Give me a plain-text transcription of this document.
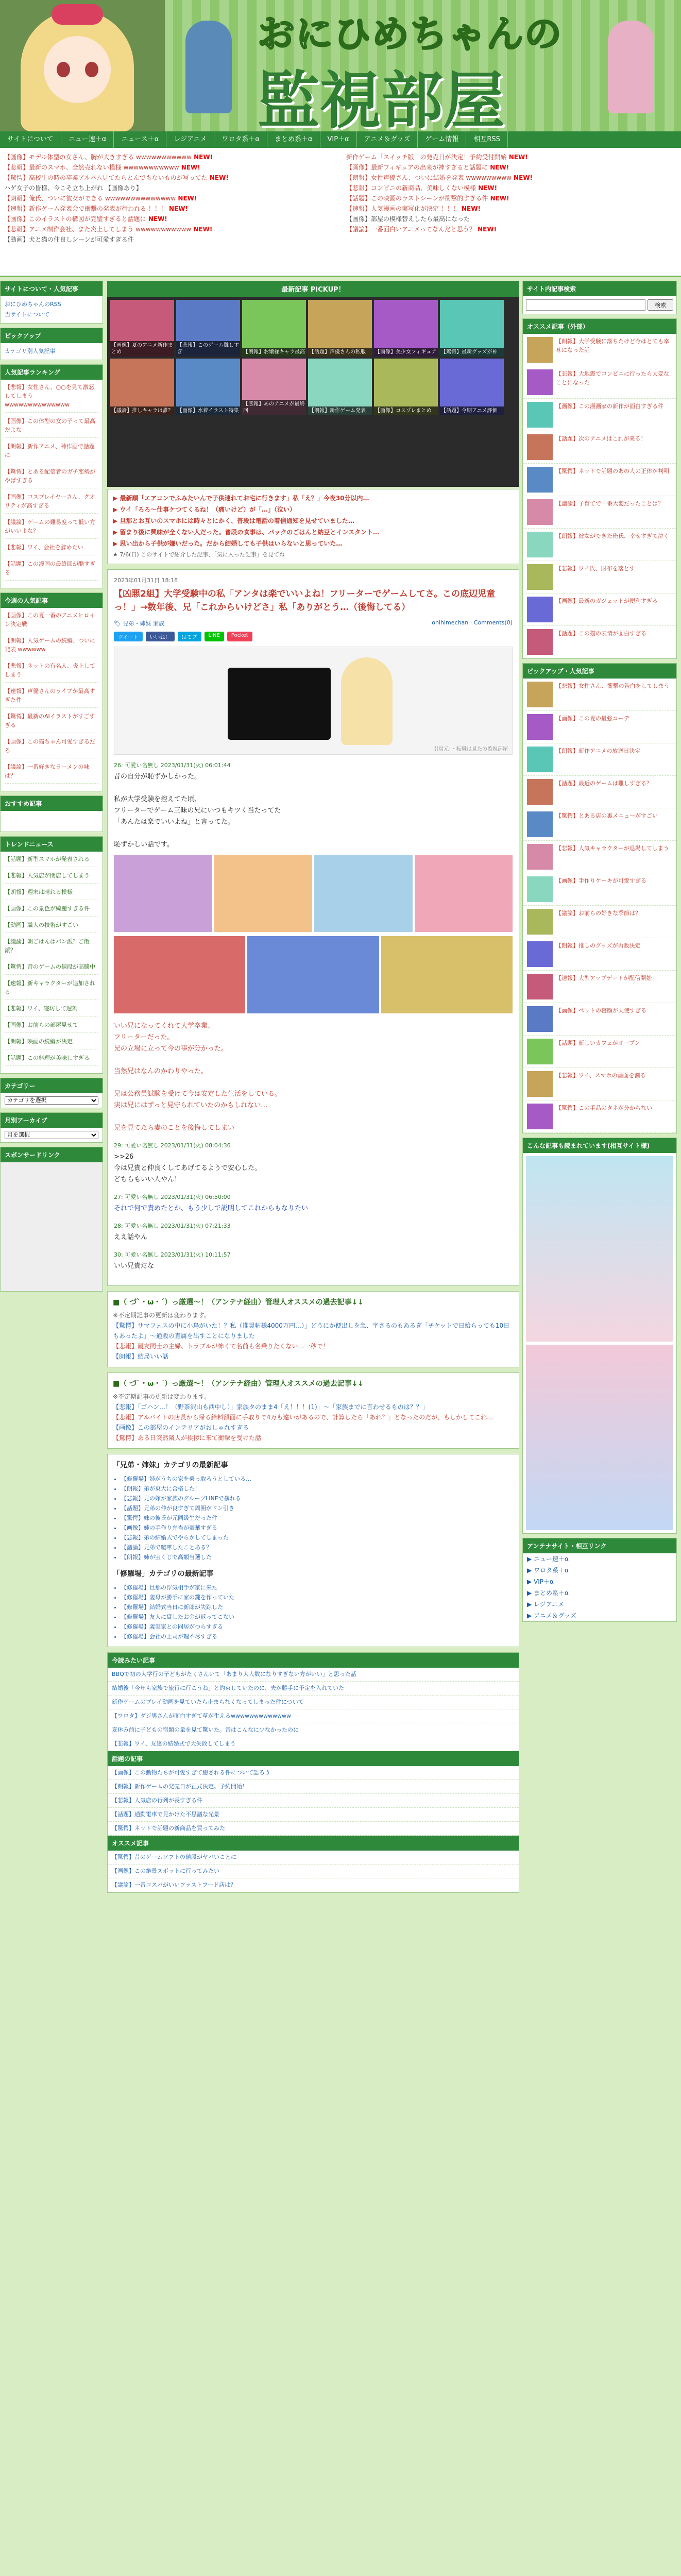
おにひめちゃんの
監視部屋
サイトについて	ニュー速＋α	ニュース＋α	レジアニメ	ワロタ系＋α	まとめ系＋α	VIP＋α	アニメ＆グッズ	ゲーム情報	相互RSS
【画像】モデル体型の女さん、胸が大きすぎる wwwwwwwwwww NEW!
【悲報】最新のスマホ、全然売れない模様 wwwwwwwwwww NEW!
【驚愕】高校生の時の卒業アルバム見てたらとんでもないものが写ってた NEW!
ハゲ女子の皆様、今こそ立ち上がれ 【画像あり】
【朗報】俺氏、ついに彼女ができる wwwwwwwwwwwwww NEW!
【速報】新作ゲーム発表会で衝撃の発表が行われる ！！！ NEW!
【画像】このイラストの構図が完璧すぎると話題に NEW!
【悲報】アニメ制作会社、また炎上してしまう wwwwwwwwwww NEW!
【動画】犬と猫の仲良しシーンが可愛すぎる件
新作ゲーム「スイッチ版」の発売日が決定！予約受付開始 NEW!
【画像】最新フィギュアの出来が神すぎると話題に NEW!
【朗報】女性声優さん、ついに結婚を発表 wwwwwwwww NEW!
【悲報】コンビニの新商品、美味しくない模様 NEW!
【話題】この映画のラストシーンが衝撃的すぎる件 NEW!
【速報】人気漫画の実写化が決定 ！！！ NEW!
【画像】部屋の模様替えしたら最高になった
【議論】一番面白いアニメってなんだと思う？ NEW!
サイトについて・人気記事
おにひめちゃんのRSS
当サイトについて
ピックアップ
カテゴリ別人気記事
人気記事ランキング

【悲報】女性さん、○○を見て激怒してしまう wwwwwwwwwwwwww

【画像】この体型の女の子って最高だよな

【朗報】新作アニメ、神作画で話題に

【驚愕】とある配信者のガチ恋勢がやばすぎる

【画像】コスプレイヤーさん、クオリティが高すぎる

【議論】ゲームの難易度って低い方がいいよな？

【悲報】ワイ、会社を辞めたい

【話題】この漫画の最終回が酷すぎる

今週の人気記事

【画像】この夏一番のアニメヒロイン決定戦

【朗報】人気ゲームの続編、ついに発表 wwwwww

【悲報】ネットの有名人、炎上してしまう

【速報】声優さんのライブが最高すぎた件

【驚愕】最新のAIイラストがすごすぎる

【画像】この猫ちゃん可愛すぎるだろ

【議論】一番好きなラーメンの味は？

おすすめ記事
トレンドニュース

【話題】新型スマホが発表される

【悲報】人気店が閉店してしまう

【朗報】週末は晴れる模様

【画像】この景色が綺麗すぎる件

【動画】職人の技術がすごい

【議論】朝ごはんはパン派？ご飯派？

【驚愕】昔のゲームの値段が高騰中

【速報】新キャラクターが追加される

【悲報】ワイ、寝坊して遅刻

【画像】お前らの部屋見せて

【朗報】映画の続編が決定

【話題】この料理が美味しすぎる

カテゴリー
カテゴリを選択
月別アーカイブ
月を選択
スポンサードリンク
最新記事 PICKUP！
【画像】夏のアニメ新作まとめ
【悲報】このゲーム難しすぎ	【朗報】お嬢様キャラ最高 【話題】声優さんの私服	【画像】美少女フィギュア 【驚愕】最新グッズが神
【議論】推しキャラは誰？ 【画像】水着イラスト特集
【悲報】あのアニメが最終回	【朗報】新作ゲーム発表	【画像】コスプレまとめ	【話題】今期アニメ評価

▶ 最新順「エアコンでふみたいんで子供連れてお宅に行きます」私「え？」今夜30分以内…

▶ ウイ「ろろ～仕事ケつてくるね！（痛いけど）が「…」（泣い）

▶ 旦那とお互いのスマホには時々とにかく、普段は電話の着信通知を見せていました…

▶ 留まり後に興味が全くない人だった。普段の食事は、パックのごはんと納豆とインスタント…

▶ 思い出から子供が嫌いだった。だから結婚しても子供はいらないと思っていた…

★ 7/6(日) このサイトで紹介した記事、「気に入った記事」を見てね

2023年01月31日 18:18
【凶悪2組】大学受験中の私「アンタは楽でいいよね！フリーターでゲームしてさ。この底辺児童っ！」→数年後、兄「これからいけどさ」私「ありがとう…（後悔してる）
🏷 兄弟・姉妹 家族	onihimechan · Comments(0)
ツイート	いいね！	はてブ	LINE	Pocket
引用元：・転職は見たの監視部屋
26: 可愛い名無し 2023/01/31(火) 06:01:44
昔の自分が恥ずかしかった。

私が大学受験を控えてた頃、
フリーターでゲーム三昧の兄にいつもキツく当たってた
「あんたは楽でいいよね」と言ってた。

恥ずかしい話です。
いい兄になってくれて大学卒業、
フリーターだった。
兄の立場に立って今の事が分かった。

当然兄はなんのかわりやった。

兄は公務員試験を受けて今は安定した生活をしている。
実は兄にはずっと見守られていたのかもしれない…

兄を見てたら妻のことを後悔してしまい
29: 可愛い名無し 2023/01/31(火) 08:04:36
>>26
今は兄貴と仲良くしてあげてるようで安心した。
どちらもいい人やん！
27: 可愛い名無し 2023/01/31(火) 06:50:00
それで何で責めたとか、もう少しで説明してこれからもなりたい
28: 可愛い名無し 2023/01/31(火) 07:21:33
ええ話やん
30: 可愛い名無し 2023/01/31(火) 10:11:57
いい兄貴だな
■（ づ`・ω・´）っ厳選～！（アンテナ経由）管理人オススメの過去記事↓↓

※不定期記事の更新は変わります。

【驚愕】サマフェスの中に小鳥がいた！？私（推奨帖様4000万円…）」どうにか便出しを急、字さるのもあるぎ「チケットで日給らっても10日もあったよ」～通販の直属を出すことになりました

【悲報】親友同士の主婦、トラブルが怖くて名前も名乗りたくない…一秒で！

【朗報】結局いい話

■（ づ`・ω・´）っ厳選～！（アンテナ経由）管理人オススメの過去記事↓↓

※不定期記事の更新は変わります。

【悲報】「ゴハン…！（野茶沢山も西中し）」家族タのまま4「え！！！(1)」～「家族までに言わせるものは？？」

【悲報】アルバイトの店長から帰る給料額面に手取りで4万も違いがあるので、計算したら「あれ？」となったのだが、もしかしてこれ…

【画像】この部屋のインテリアがおしゃれすぎる

【驚愕】ある日突然隣人が挨拶に来て衝撃を受けた話

「兄弟・姉妹」カテゴリの最新記事
• 【修羅場】姉がうちの家を乗っ取ろうとしている…
• 【朗報】弟が東大に合格した！
• 【悲報】兄の嫁が家族のグループLINEで暴れる
• 【話題】兄弟の仲が良すぎて周囲がドン引き
• 【驚愕】妹の彼氏が元同級生だった件
• 【画像】姉の手作り弁当が豪華すぎる
• 【悲報】弟の結婚式でやらかしてしまった
• 【議論】兄弟で喧嘩したことある？
• 【朗報】姉が宝くじで高額当選した
「修羅場」カテゴリの最新記事
• 【修羅場】旦那の浮気相手が家に来た
• 【修羅場】義母が勝手に家の鍵を作っていた
• 【修羅場】結婚式当日に新郎が失踪した
• 【修羅場】友人に貸したお金が返ってこない
• 【修羅場】義実家との同居がつらすぎる
• 【修羅場】会社の上司が理不尽すぎる
今読みたい記事

BBQで初の大学行の子どもがたくさんいて「あまり大人数になりすぎない方がいい」と思った話

結婚後「今年も家族で旅行に行こうね」と約束していたのに、夫が勝手に予定を入れていた

新作ゲームのプレイ動画を見ていたら止まらなくなってしまった件について

【ワロタ】ダジ男さんが面白すぎて草が生えるwwwwwwwwwwwww

夏休み前に子どもの宿題の量を見て驚いた。昔はこんなに少なかったのに

【悲報】ワイ、友達の結婚式で大失敗してしまう

話題の記事

【画像】この動物たちが可愛すぎて癒される件について語ろう

【朗報】新作ゲームの発売日が正式決定。予約開始！

【悲報】人気店の行列が長すぎる件

【話題】通勤電車で見かけた不思議な光景

【驚愕】ネットで話題の新商品を買ってみた

オススメ記事

【驚愕】昔のゲームソフトの値段がヤバいことに

【画像】この絶景スポットに行ってみたい

【議論】一番コスパがいいファストフード店は？

サイト内記事検索
検索
オススメ記事（外部）

【朗報】大学受験に落ちたけど今はとても幸せになった話

【悲報】大地震でコンビニに行ったら大変なことになった

【画像】この漫画家の新作が面白すぎる件

【話題】次のアニメはこれが来る！

【驚愕】ネットで話題のあの人の正体が判明

【議論】子育てで一番大変だったことは？

【朗報】彼女ができた俺氏、幸せすぎて泣く

【悲報】ワイ氏、財布を落とす

【画像】最新のガジェットが便利すぎる

【話題】この猫の表情が面白すぎる

ピックアップ・人気記事

【悲報】女性さん、衝撃の告白をしてしまう

【画像】この夏の最強コーデ

【朗報】新作アニメの放送日決定

【話題】最近のゲームは難しすぎる？

【驚愕】とある店の裏メニューがすごい

【悲報】人気キャラクターが退場してしまう

【画像】手作りケーキが可愛すぎる

【議論】お前らの好きな季節は？

【朗報】推しのグッズが再販決定

【速報】大型アップデートが配信開始

【画像】ペットの寝顔が天使すぎる

【話題】新しいカフェがオープン

【悲報】ワイ、スマホの画面を割る

【驚愕】この手品のタネが分からない

こんな記事も読まれています(相互サイト様)
アンテナサイト・相互リンク
▶ ニュー速＋α
▶ ワロタ系＋α
▶ VIP＋α
▶ まとめ系＋α
▶ レジアニメ
▶ アニメ＆グッズ
